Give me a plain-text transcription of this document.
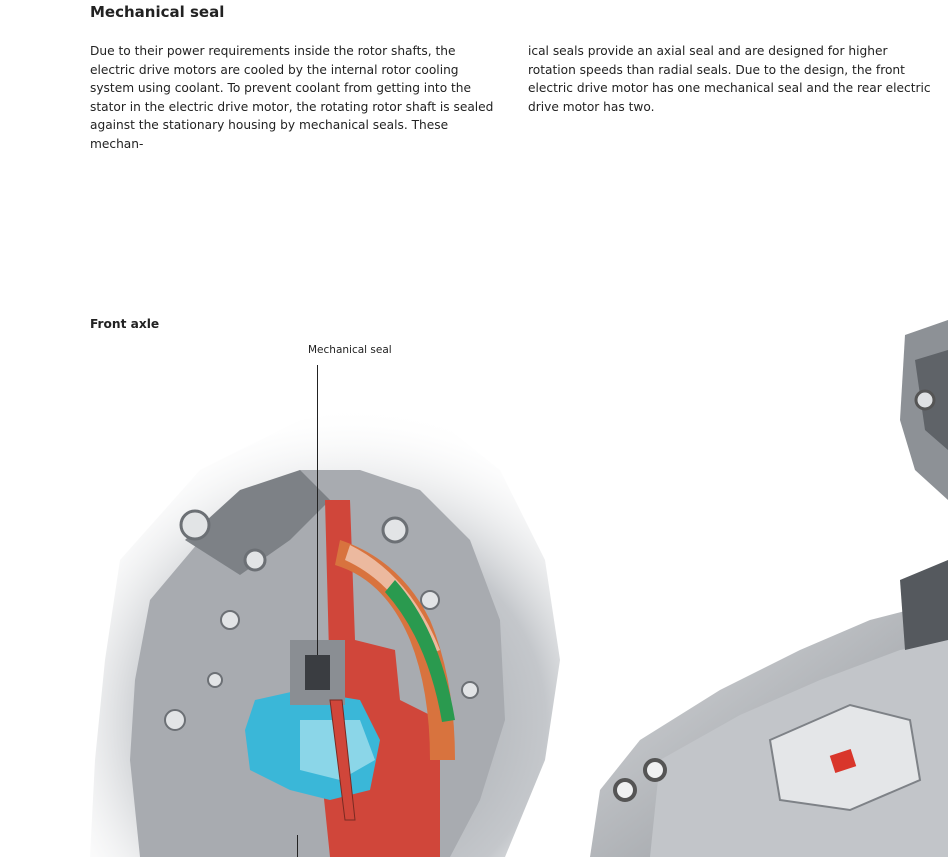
Mechanical seal

Due to their power requirements inside the rotor shafts, the electric drive motors are cooled by the internal rotor cooling system using coolant. To prevent coolant from getting into the stator in the electric drive motor, the rotating rotor shaft is sealed against the stationary housing by mechanical seals. These mechan-

ical seals provide an axial seal and are designed for higher rotation speeds than radial seals. Due to the design, the front electric drive motor has one mechanical seal and the rear electric drive motor has two.

Front axle

Mechanical seal
